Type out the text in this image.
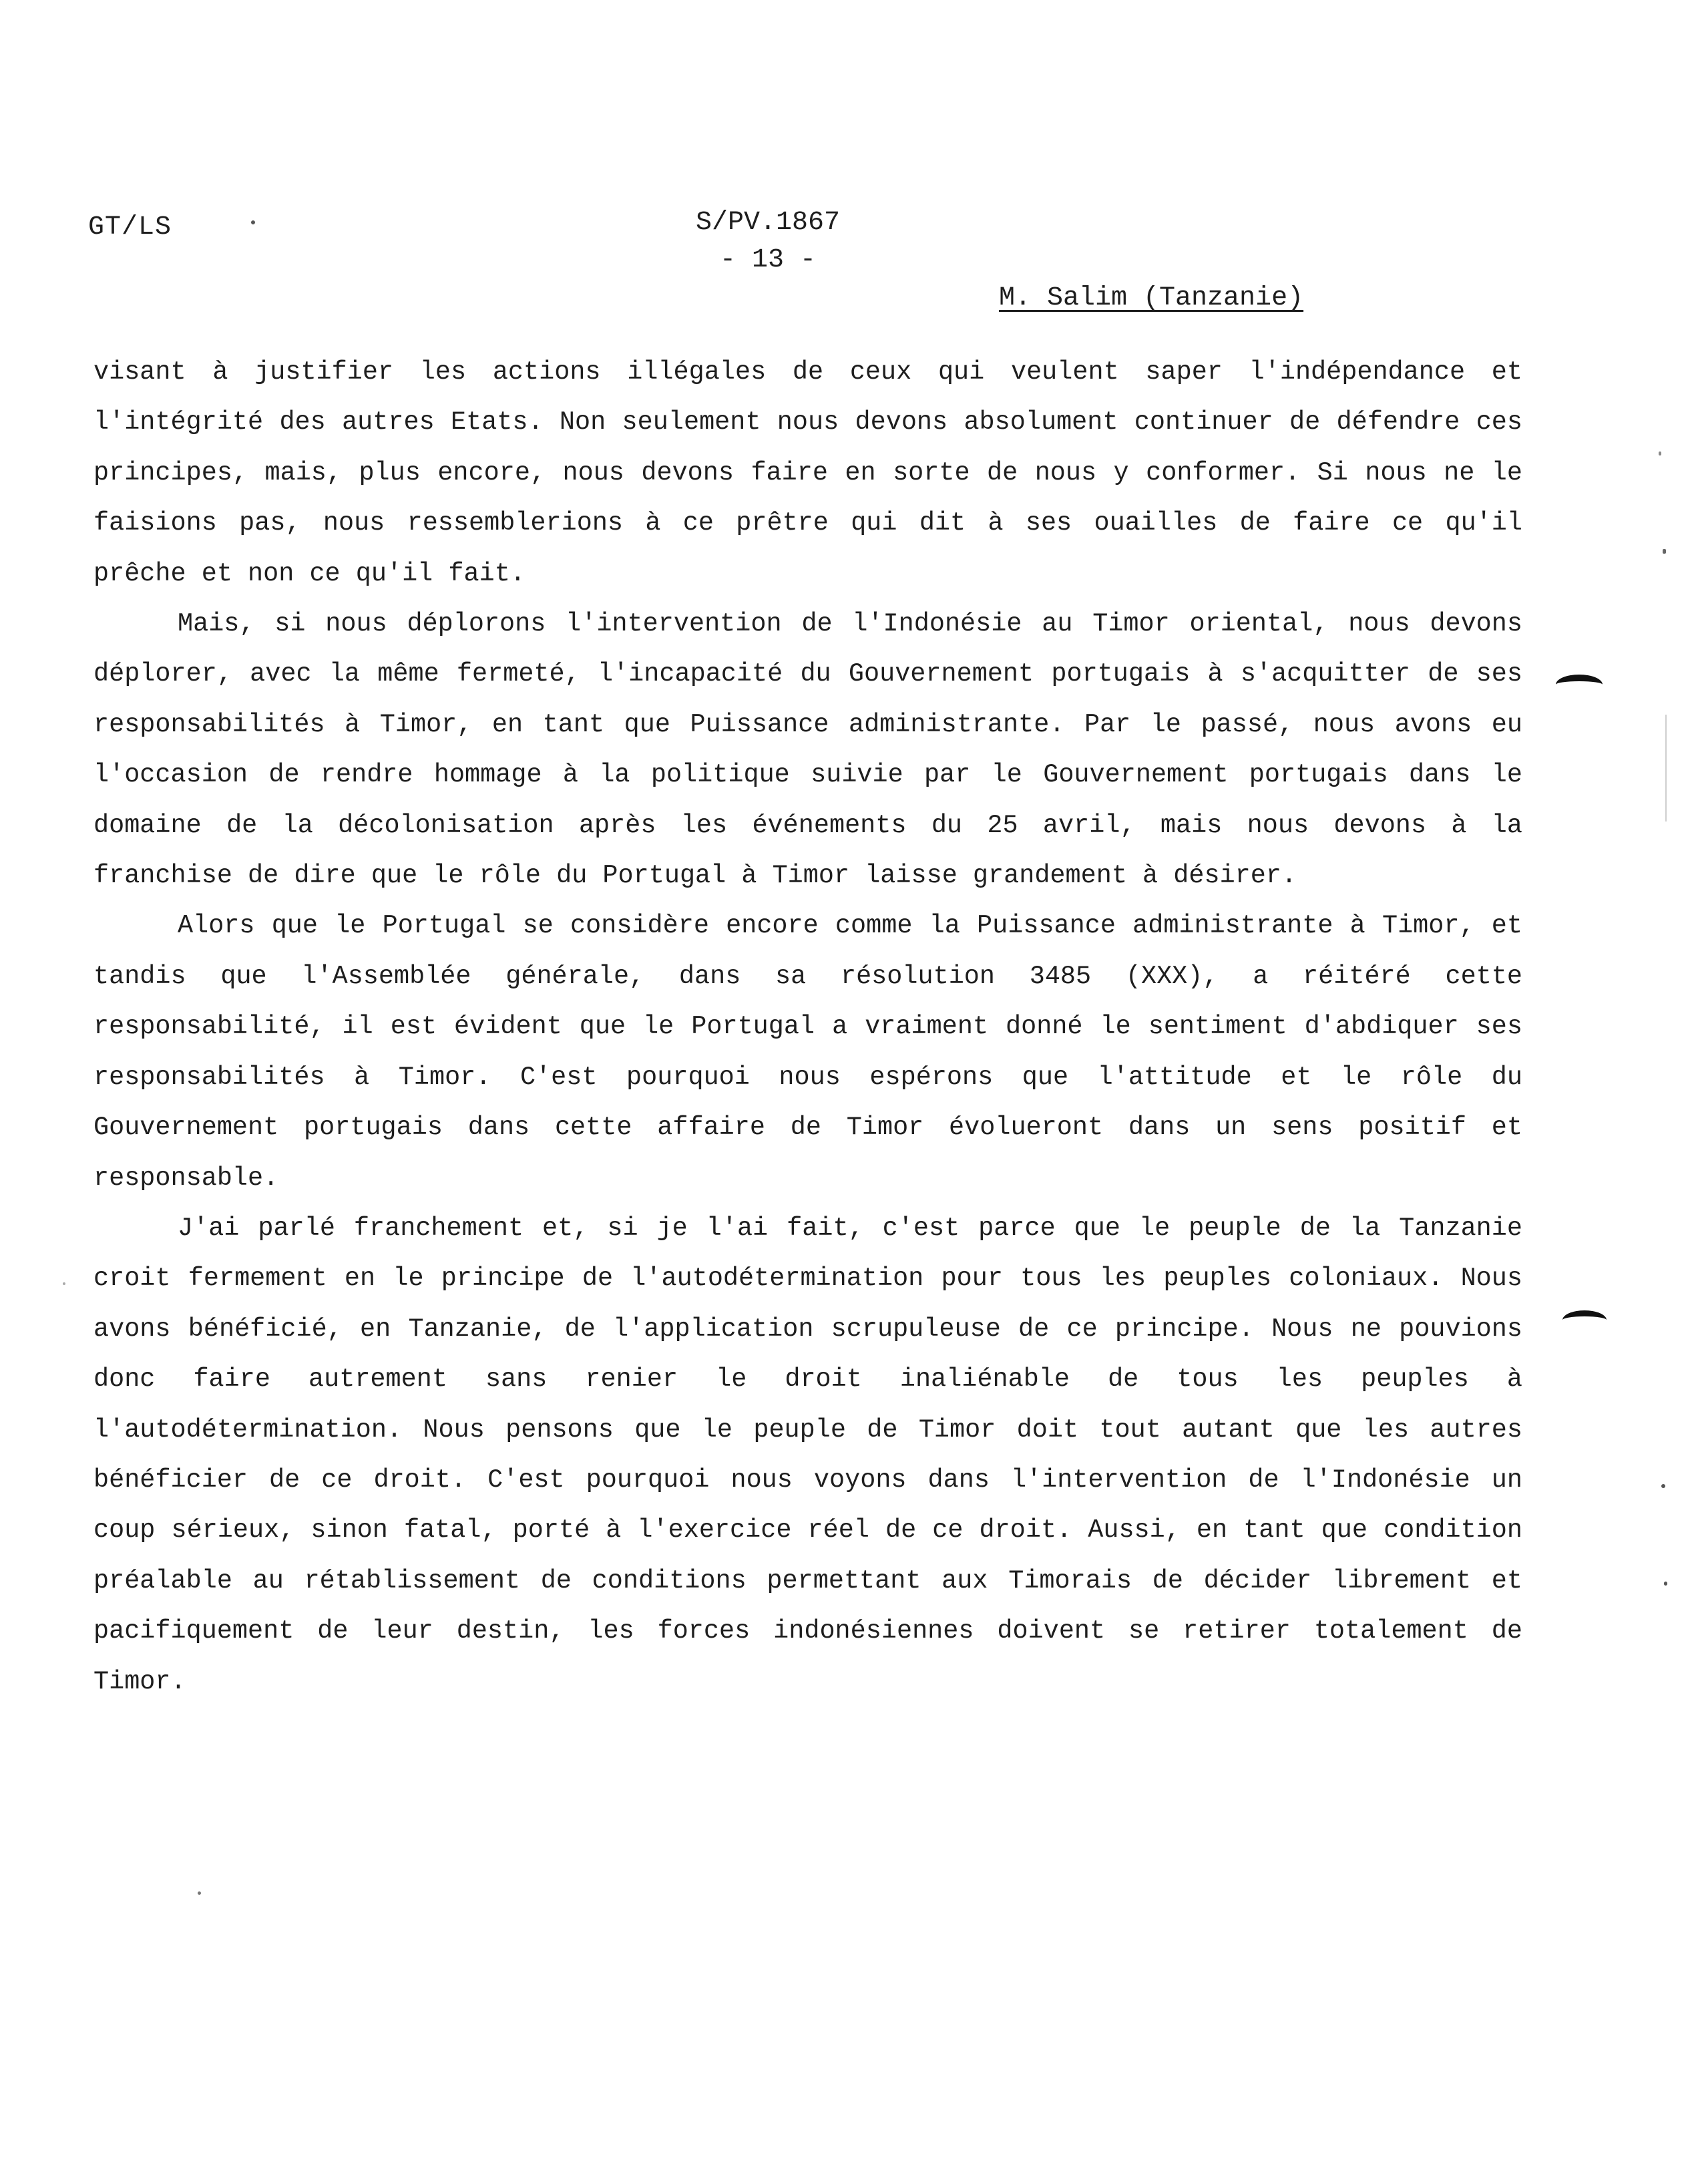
GT/LS	S/PV.1867
- 13 -
M. Salim (Tanzanie)

visant à justifier les actions illégales de ceux qui veulent saper l'indépendance et l'intégrité des autres Etats. Non seulement nous devons absolument continuer de défendre ces principes, mais, plus encore, nous devons faire en sorte de nous y conformer. Si nous ne le faisions pas, nous ressemblerions à ce prêtre qui dit à ses ouailles de faire ce qu'il prêche et non ce qu'il fait.

Mais, si nous déplorons l'intervention de l'Indonésie au Timor oriental, nous devons déplorer, avec la même fermeté, l'incapacité du Gouvernement portugais à s'acquitter de ses responsabilités à Timor, en tant que Puissance administrante. Par le passé, nous avons eu l'occasion de rendre hommage à la politique suivie par le Gouvernement portugais dans le domaine de la décolonisation après les événements du 25 avril, mais nous devons à la franchise de dire que le rôle du Portugal à Timor laisse grandement à désirer.

Alors que le Portugal se considère encore comme la Puissance administrante à Timor, et tandis que l'Assemblée générale, dans sa résolution 3485 (XXX), a réitéré cette responsabilité, il est évident que le Portugal a vraiment donné le sentiment d'abdiquer ses responsabilités à Timor. C'est pourquoi nous espérons que l'attitude et le rôle du Gouvernement portugais dans cette affaire de Timor évolueront dans un sens positif et responsable.

J'ai parlé franchement et, si je l'ai fait, c'est parce que le peuple de la Tanzanie croit fermement en le principe de l'autodétermination pour tous les peuples coloniaux. Nous avons bénéficié, en Tanzanie, de l'application scrupuleuse de ce principe. Nous ne pouvions donc faire autrement sans renier le droit inaliénable de tous les peuples à l'autodétermination. Nous pensons que le peuple de Timor doit tout autant que les autres bénéficier de ce droit. C'est pourquoi nous voyons dans l'intervention de l'Indonésie un coup sérieux, sinon fatal, porté à l'exercice réel de ce droit. Aussi, en tant que condition préalable au rétablissement de conditions permettant aux Timorais de décider librement et pacifiquement de leur destin, les forces indonésiennes doivent se retirer totalement de Timor.
